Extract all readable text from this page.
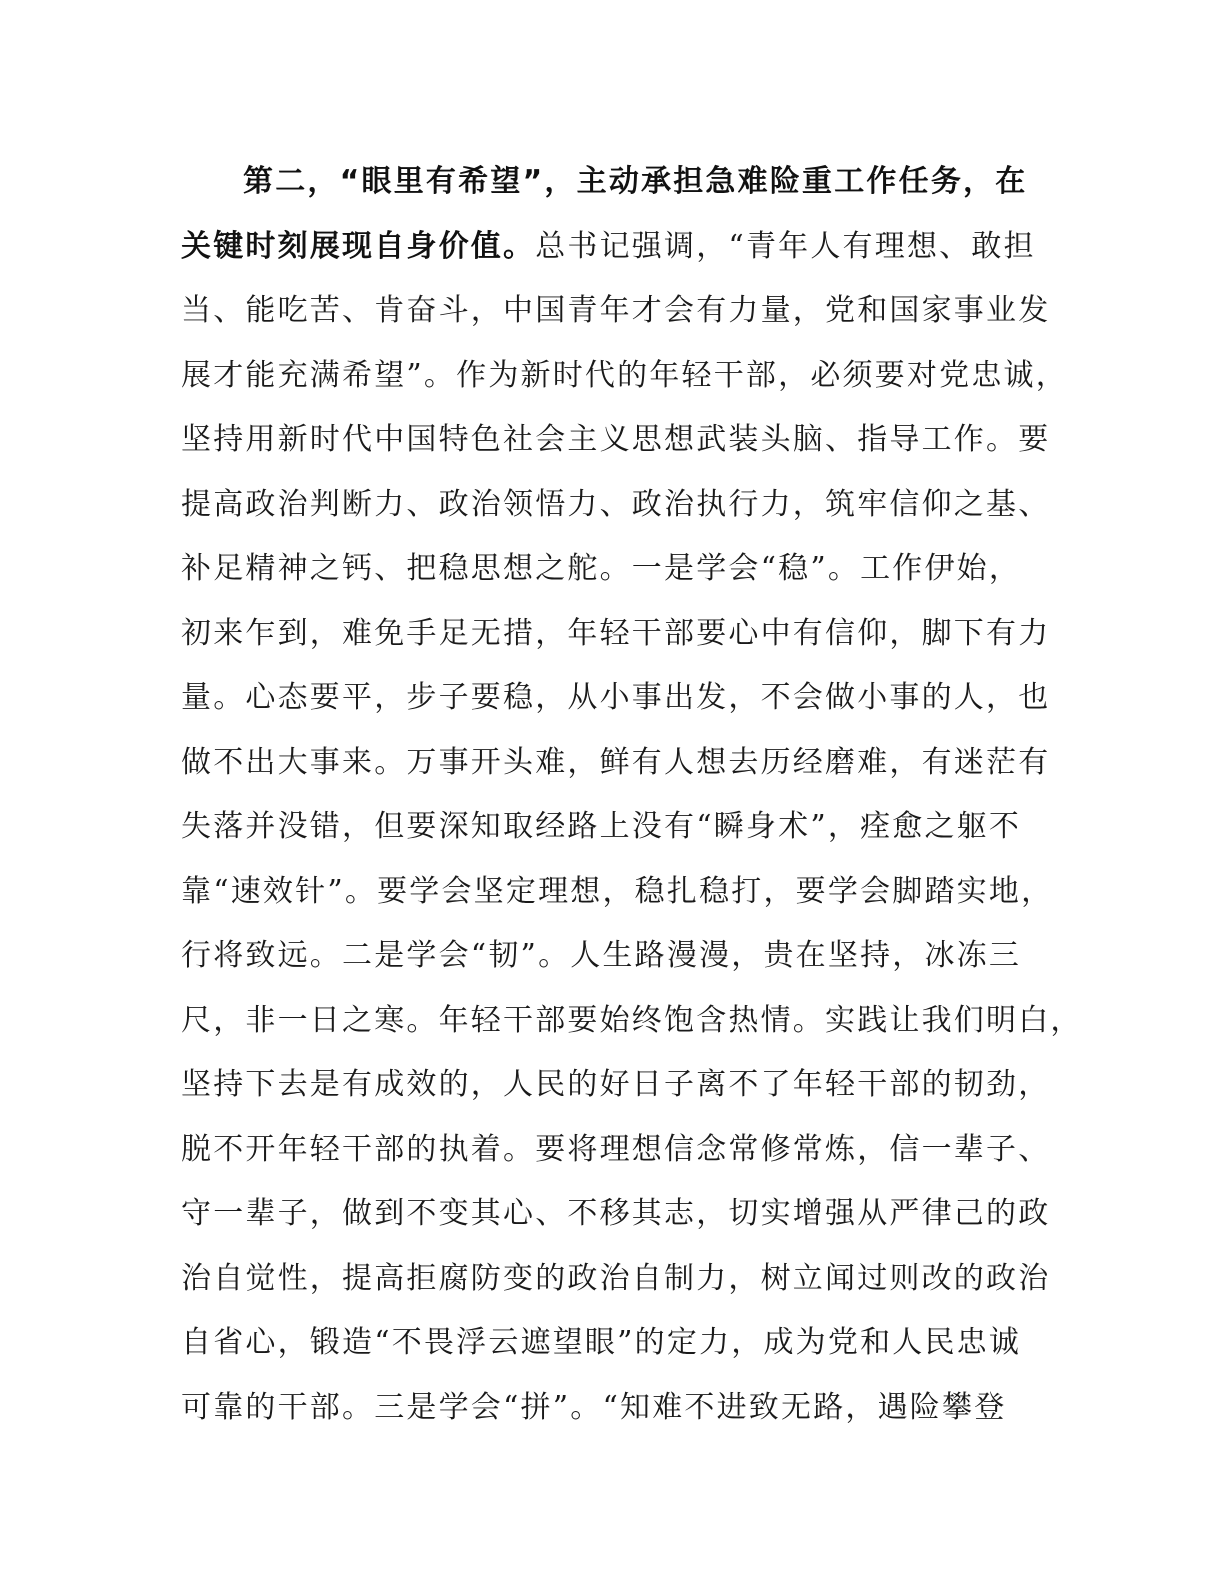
第二，“眼里有希望”，主动承担急难险重工作任务，在
关键时刻展现自身价值。总书记强调，“青年人有理想、敢担
当、能吃苦、肯奋斗，中国青年才会有力量，党和国家事业发
展才能充满希望”。作为新时代的年轻干部，必须要对党忠诚，
坚持用新时代中国特色社会主义思想武装头脑、指导工作。要
提高政治判断力、政治领悟力、政治执行力，筑牢信仰之基、
补足精神之钙、把稳思想之舵。一是学会“稳”。工作伊始，
初来乍到，难免手足无措，年轻干部要心中有信仰，脚下有力
量。心态要平，步子要稳，从小事出发，不会做小事的人，也
做不出大事来。万事开头难，鲜有人想去历经磨难，有迷茫有
失落并没错，但要深知取经路上没有“瞬身术”，痊愈之躯不
靠“速效针”。要学会坚定理想，稳扎稳打，要学会脚踏实地，
行将致远。二是学会“韧”。人生路漫漫，贵在坚持，冰冻三
尺，非一日之寒。年轻干部要始终饱含热情。实践让我们明白，
坚持下去是有成效的，人民的好日子离不了年轻干部的韧劲，
脱不开年轻干部的执着。要将理想信念常修常炼，信一辈子、
守一辈子，做到不变其心、不移其志，切实增强从严律己的政
治自觉性，提高拒腐防变的政治自制力，树立闻过则改的政治
自省心，锻造“不畏浮云遮望眼”的定力，成为党和人民忠诚
可靠的干部。三是学会“拼”。“知难不进致无路，遇险攀登
